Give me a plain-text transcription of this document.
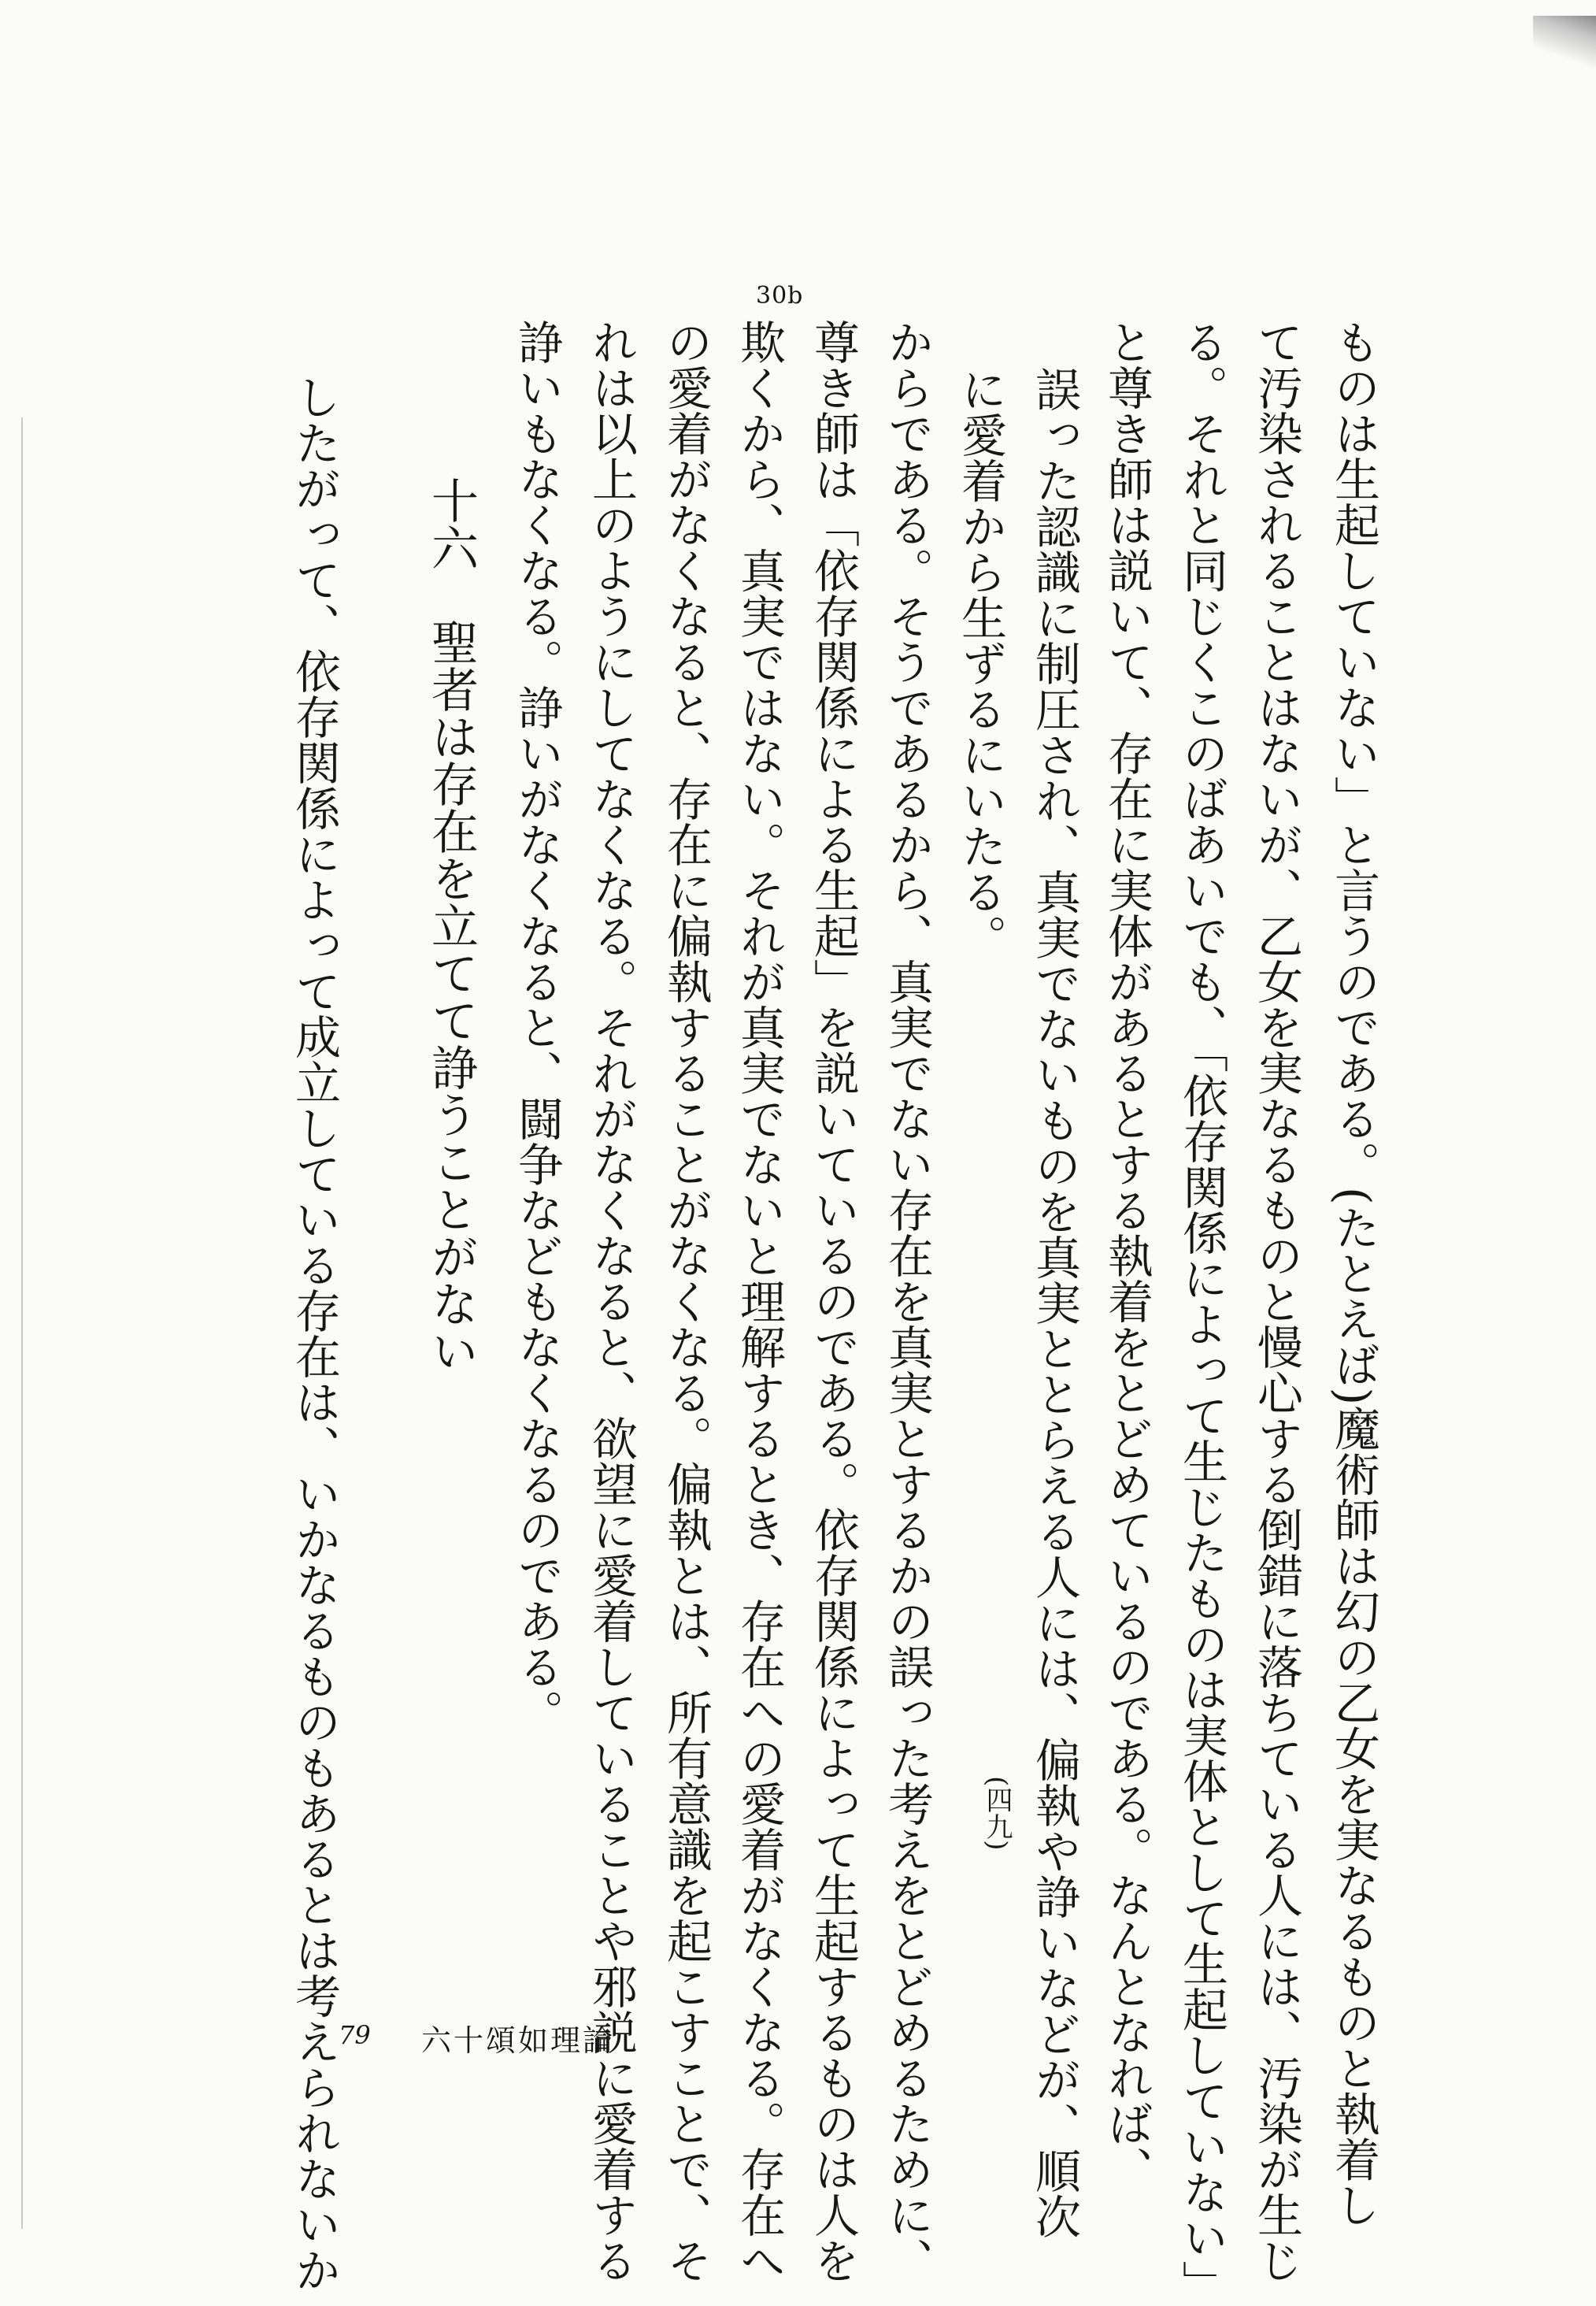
30b
ものは生起していない」と言うのである。(たとえば)魔術師は幻の乙女を実なるものと執着し
て汚染されることはないが、乙女を実なるものと慢心する倒錯に落ちている人には、汚染が生じ
る。それと同じくこのばあいでも、「依存関係によって生じたものは実体として生起していない」
と尊き師は説いて、存在に実体があるとする執着をとどめているのである。なんとなれば、
誤った認識に制圧され、真実でないものを真実ととらえる人には、偏執や諍いなどが、順次
に愛着から生ずるにいたる。
(四九)
からである。そうであるから、真実でない存在を真実とするかの誤った考えをとどめるために、
尊き師は「依存関係による生起」を説いているのである。依存関係によって生起するものは人を
欺くから、真実ではない。それが真実でないと理解するとき、存在への愛着がなくなる。存在へ
の愛着がなくなると、存在に偏執することがなくなる。偏執とは、所有意識を起こすことで、そ
れは以上のようにしてなくなる。それがなくなると、欲望に愛着していることや邪説に愛着する
諍いもなくなる。諍いがなくなると、闘争などもなくなるのである。
十六　聖者は存在を立てて諍うことがない
したがって、依存関係によって成立している存在は、いかなるものもあるとは考えられないか
79 六十頌如理論
